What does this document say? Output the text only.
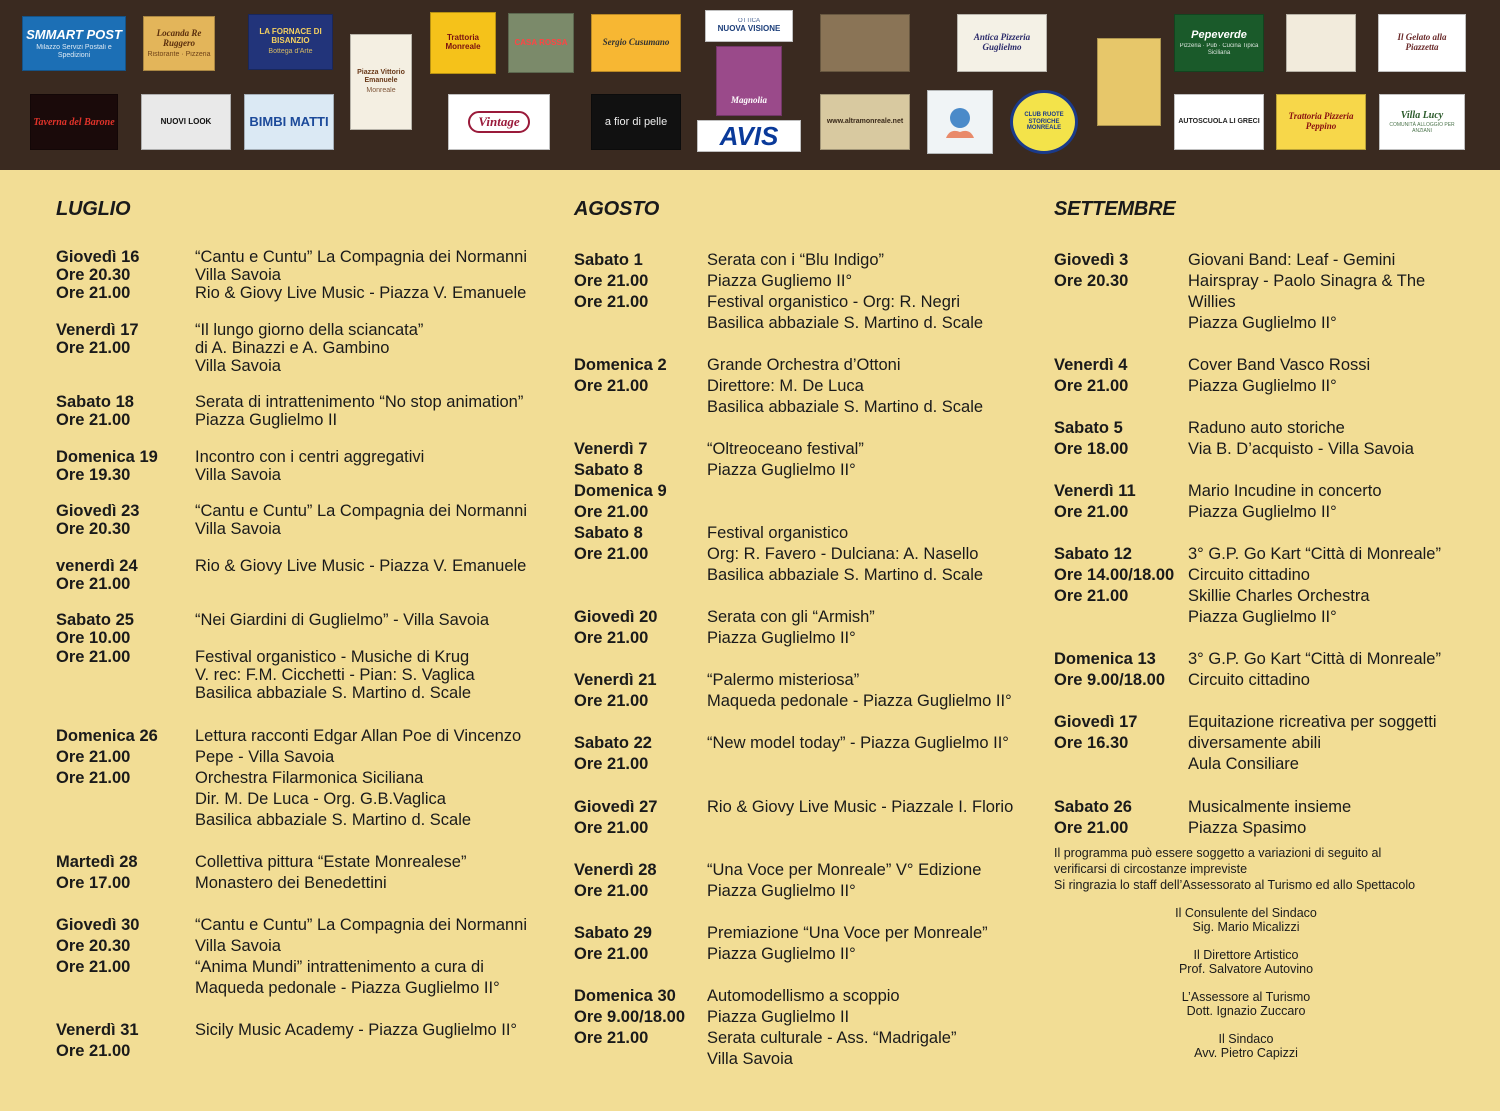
SMMART POST
Milazzo Servizi Postali e Spedizioni
Locanda Re Ruggero
Ristorante · Pizzeria
LA FORNACE DI BISANZIO
Bottega d'Arte
Piazza Vittorio Emanuele
Monreale
Trattoria Monreale	CASA ROSSA	Sergio Cusumano
OTTICA
NUOVA VISIONE
Magnolia
Antica Pizzeria Guglielmo
Pepeverde
Pizzeria · Pub · Cucina Tipica Siciliana
Il Gelato alla Piazzetta
Taverna del Barone	NUOVI LOOK	BIMBI MATTI	Vintage	a fior di pelle AVIS	www.altramonreale.net
CLUB RUOTE STORICHE
MONREALE
AUTOSCUOLA LI GRECI
Trattoria Pizzeria Peppino
Villa Lucy
COMUNITÀ ALLOGGIO PER ANZIANI
LUGLIO
Giovedì 16	“Cantu e Cuntu” La Compagnia dei Normanni
Ore 20.30	Villa Savoia
Ore 21.00	Rio & Giovy Live Music - Piazza V. Emanuele
Venerdì 17	“Il lungo giorno della sciancata”
Ore 21.00	di A. Binazzi e A. Gambino
Villa Savoia
Sabato 18	Serata di intrattenimento “No stop animation”
Ore 21.00	Piazza Guglielmo II
Domenica 19 Incontro con i centri aggregativi
Ore 19.30	Villa Savoia
Giovedì 23	“Cantu e Cuntu” La Compagnia dei Normanni
Ore 20.30	Villa Savoia
venerdì 24	Rio & Giovy Live Music - Piazza V. Emanuele
Ore 21.00
Sabato 25	“Nei Giardini di Guglielmo” - Villa Savoia
Ore 10.00
Ore 21.00	Festival organistico - Musiche di Krug
V. rec: F.M. Cicchetti - Pian: S. Vaglica
Basilica abbaziale S. Martino d. Scale
Domenica 26 Lettura racconti Edgar Allan Poe di Vincenzo
Ore 21.00	Pepe - Villa Savoia
Ore 21.00	Orchestra Filarmonica Siciliana
Dir. M. De Luca - Org. G.B.Vaglica
Basilica abbaziale S. Martino d. Scale
Martedì 28	Collettiva pittura “Estate Monrealese”
Ore 17.00	Monastero dei Benedettini
Giovedì 30	“Cantu e Cuntu” La Compagnia dei Normanni
Ore 20.30	Villa Savoia
Ore 21.00	“Anima Mundi” intrattenimento a cura di
Maqueda pedonale - Piazza Guglielmo II°
Venerdì 31	Sicily Music Academy - Piazza Guglielmo II°
Ore 21.00
AGOSTO
Sabato 1	Serata con i “Blu Indigo”
Ore 21.00	Piazza Gugliemo II°
Ore 21.00	Festival organistico - Org: R. Negri
Basilica abbaziale S. Martino d. Scale
Domenica 2 Grande Orchestra d’Ottoni
Ore 21.00	Direttore: M. De Luca
Basilica abbaziale S. Martino d. Scale
Venerdì 7	“Oltreoceano festival”
Sabato 8	Piazza Guglielmo II°
Domenica 9
Ore 21.00
Sabato 8	Festival organistico
Ore 21.00	Org: R. Favero - Dulciana: A. Nasello
Basilica abbaziale S. Martino d. Scale
Giovedì 20	Serata con gli “Armish”
Ore 21.00	Piazza Guglielmo II°
Venerdì 21	“Palermo misteriosa”
Ore 21.00	Maqueda pedonale - Piazza Guglielmo II°
Sabato 22	“New model today” - Piazza Guglielmo II°
Ore 21.00
Giovedì 27	Rio & Giovy Live Music - Piazzale I. Florio
Ore 21.00
Venerdì 28	“Una Voce per Monreale” V° Edizione
Ore 21.00	Piazza Guglielmo II°
Sabato 29	Premiazione “Una Voce per Monreale”
Ore 21.00	Piazza Guglielmo II°
Domenica 30 Automodellismo a scoppio
Ore 9.00/18.00 Piazza Guglielmo II
Ore 21.00	Serata culturale - Ass. “Madrigale”
Villa Savoia
SETTEMBRE
Giovedì 3	Giovani Band: Leaf - Gemini
Ore 20.30	Hairspray - Paolo Sinagra & The
Willies
Piazza Guglielmo II°
Venerdì 4	Cover Band Vasco Rossi
Ore 21.00	Piazza Guglielmo II°
Sabato 5	Raduno auto storiche
Ore 18.00	Via B. D’acquisto - Villa Savoia
Venerdì 11	Mario Incudine in concerto
Ore 21.00	Piazza Guglielmo II°
Sabato 12	3° G.P. Go Kart “Città di Monreale”
Ore 14.00/18.00 Circuito cittadino
Ore 21.00	Skillie Charles Orchestra
Piazza Guglielmo II°
Domenica 13 3° G.P. Go Kart “Città di Monreale”
Ore 9.00/18.00 Circuito cittadino
Giovedì 17	Equitazione ricreativa per soggetti
Ore 16.30	diversamente abili
Aula Consiliare
Sabato 26	Musicalmente insieme
Ore 21.00	Piazza Spasimo
Il programma può essere soggetto a variazioni di seguito al
verificarsi di circostanze impreviste
Si ringrazia lo staff dell’Assessorato al Turismo ed allo Spettacolo
Il Consulente del Sindaco
Sig. Mario Micalizzi
Il Direttore Artistico
Prof. Salvatore Autovino
L’Assessore al Turismo
Dott. Ignazio Zuccaro
Il Sindaco
Avv. Pietro Capizzi
